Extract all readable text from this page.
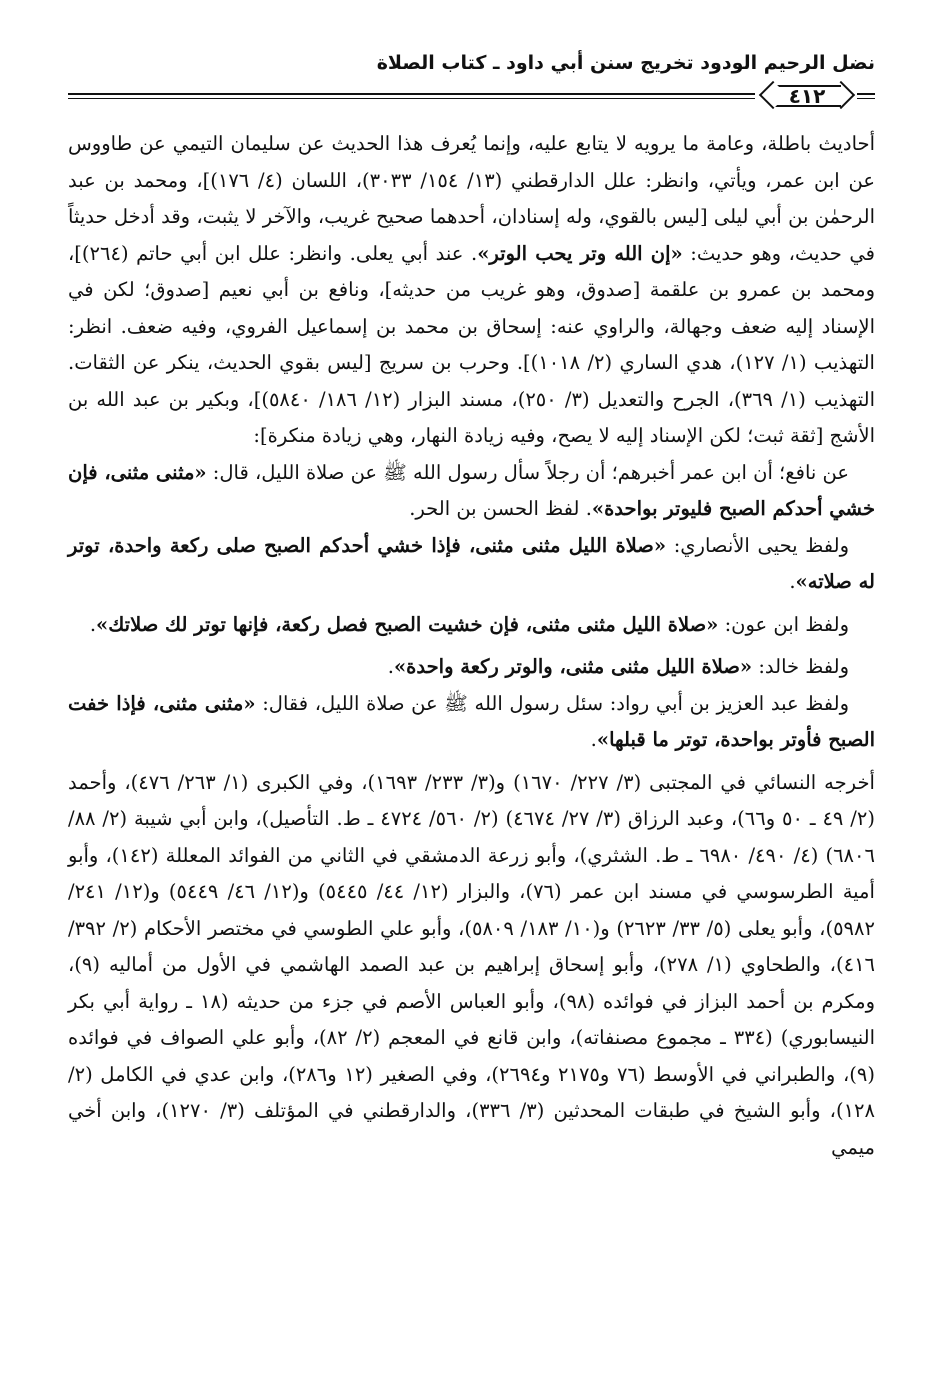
نضل الرحيم الودود تخريج سنن أبي داود ـ كتاب الصلاة
٤١٢

أحاديث باطلة، وعامة ما يرويه لا يتابع عليه، وإنما يُعرف هذا الحديث عن سليمان التيمي عن طاووس عن ابن عمر، ويأتي، وانظر: علل الدارقطني (١٣/ ١٥٤/ ٣٠٣٣)، اللسان (٤/ ١٧٦)]، ومحمد بن عبد الرحمٰن بن أبي ليلى [ليس بالقوي، وله إسنادان، أحدهما صحيح غريب، والآخر لا يثبت، وقد أدخل حديثاً في حديث، وهو حديث: «إن الله وتر يحب الوتر». عند أبي يعلى. وانظر: علل ابن أبي حاتم (٢٦٤)]، ومحمد بن عمرو بن علقمة [صدوق، وهو غريب من حديثه]، ونافع بن أبي نعيم [صدوق؛ لكن في الإسناد إليه ضعف وجهالة، والراوي عنه: إسحاق بن محمد بن إسماعيل الفروي، وفيه ضعف. انظر: التهذيب (١/ ١٢٧)، هدي الساري (٢/ ١٠١٨)]. وحرب بن سريج [ليس بقوي الحديث، ينكر عن الثقات. التهذيب (١/ ٣٦٩)، الجرح والتعديل (٣/ ٢٥٠)، مسند البزار (١٢/ ١٨٦/ ٥٨٤٠)]، وبكير بن عبد الله بن الأشج [ثقة ثبت؛ لكن الإسناد إليه لا يصح، وفيه زيادة النهار، وهي زيادة منكرة]:

عن نافع؛ أن ابن عمر أخبرهم؛ أن رجلاً سأل رسول الله ﷺ عن صلاة الليل، قال: «مثنى مثنى، فإن خشي أحدكم الصبح فليوتر بواحدة». لفظ الحسن بن الحر.

ولفظ يحيى الأنصاري: «صلاة الليل مثنى مثنى، فإذا خشي أحدكم الصبح صلى ركعة واحدة، توتر له صلاته».

ولفظ ابن عون: «صلاة الليل مثنى مثنى، فإن خشيت الصبح فصل ركعة، فإنها توتر لك صلاتك».

ولفظ خالد: «صلاة الليل مثنى مثنى، والوتر ركعة واحدة».

ولفظ عبد العزيز بن أبي رواد: سئل رسول الله ﷺ عن صلاة الليل، فقال: «مثنى مثنى، فإذا خفت الصبح فأوتر بواحدة، توتر ما قبلها».

أخرجه النسائي في المجتبى (٣/ ٢٢٧/ ١٦٧٠) و(٣/ ٢٣٣/ ١٦٩٣)، وفي الكبرى (١/ ٢٦٣/ ٤٧٦)، وأحمد (٢/ ٤٩ ـ ٥٠ و٦٦)، وعبد الرزاق (٣/ ٢٧/ ٤٦٧٤) (٢/ ٥٦٠/ ٤٧٢٤ ـ ط. التأصيل)، وابن أبي شيبة (٢/ ٨٨/ ٦٨٠٦) (٤/ ٤٩٠/ ٦٩٨٠ ـ ط. الشثري)، وأبو زرعة الدمشقي في الثاني من الفوائد المعللة (١٤٢)، وأبو أمية الطرسوسي في مسند ابن عمر (٧٦)، والبزار (١٢/ ٤٤/ ٥٤٤٥) و(١٢/ ٤٦/ ٥٤٤٩) و(١٢/ ٢٤١/ ٥٩٨٢)، وأبو يعلى (٥/ ٣٣/ ٢٦٢٣) و(١٠/ ١٨٣/ ٥٨٠٩)، وأبو علي الطوسي في مختصر الأحكام (٢/ ٣٩٢/ ٤١٦)، والطحاوي (١/ ٢٧٨)، وأبو إسحاق إبراهيم بن عبد الصمد الهاشمي في الأول من أماليه (٩)، ومكرم بن أحمد البزاز في فوائده (٩٨)، وأبو العباس الأصم في جزء من حديثه (١٨ ـ رواية أبي بكر النيسابوري) (٣٣٤ ـ مجموع مصنفاته)، وابن قانع في المعجم (٢/ ٨٢)، وأبو علي الصواف في فوائده (٩)، والطبراني في الأوسط (٧٦ و٢١٧٥ و٢٦٩٤)، وفي الصغير (١٢ و٢٨٦)، وابن عدي في الكامل (٢/ ١٢٨)، وأبو الشيخ في طبقات المحدثين (٣/ ٣٣٦)، والدارقطني في المؤتلف (٣/ ١٢٧٠)، وابن أخي ميمي
